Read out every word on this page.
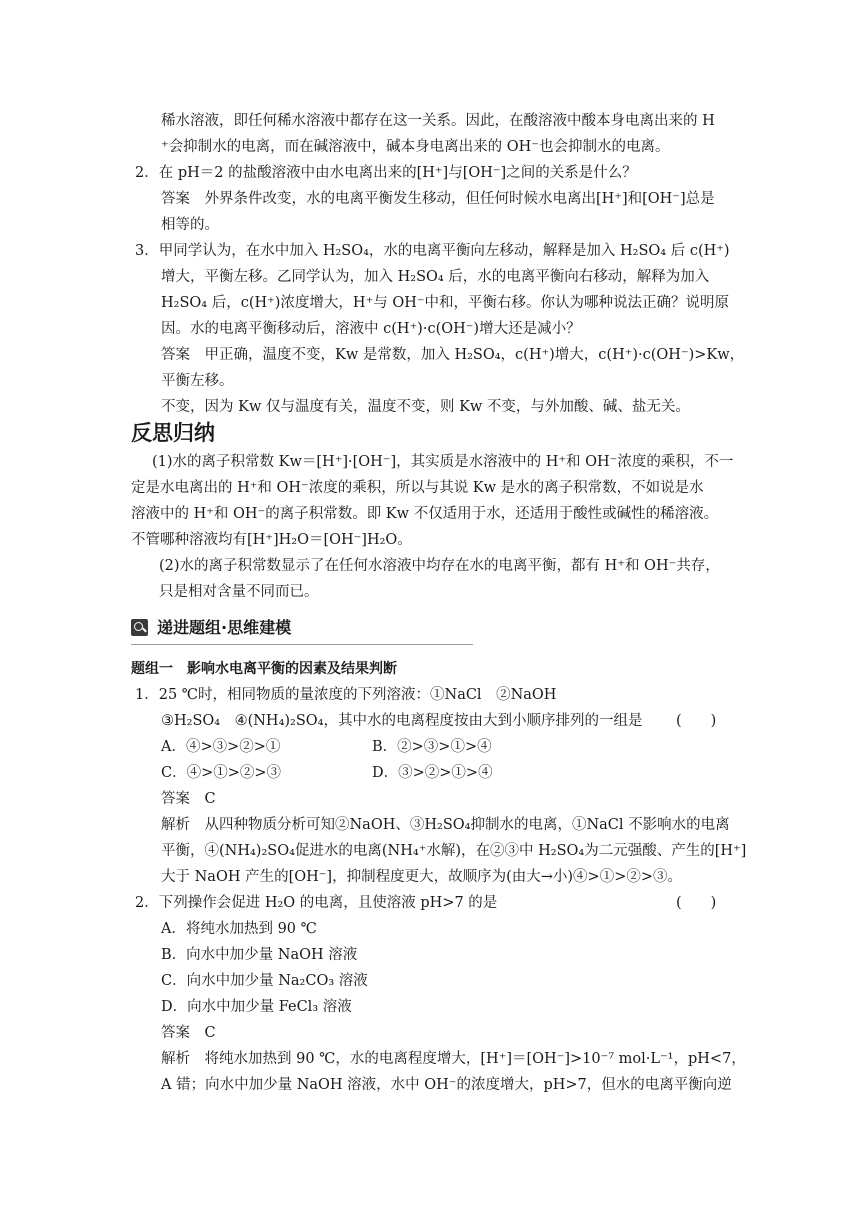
稀水溶液，即任何稀水溶液中都存在这一关系。因此，在酸溶液中酸本身电离出来的 H
⁺会抑制水的电离，而在碱溶液中，碱本身电离出来的 OH⁻也会抑制水的电离。
2．在 pH＝2 的盐酸溶液中由水电离出来的[H⁺]与[OH⁻]之间的关系是什么？
答案　外界条件改变，水的电离平衡发生移动，但任何时候水电离出[H⁺]和[OH⁻]总是
相等的。
3．甲同学认为，在水中加入 H₂SO₄，水的电离平衡向左移动，解释是加入 H₂SO₄ 后 c(H⁺)
增大，平衡左移。乙同学认为，加入 H₂SO₄ 后，水的电离平衡向右移动，解释为加入
H₂SO₄ 后，c(H⁺)浓度增大，H⁺与 OH⁻中和，平衡右移。你认为哪种说法正确？说明原
因。水的电离平衡移动后，溶液中 c(H⁺)·c(OH⁻)增大还是减小？
答案　甲正确，温度不变，Kw 是常数，加入 H₂SO₄，c(H⁺)增大，c(H⁺)·c(OH⁻)>Kw，
平衡左移。
不变，因为 Kw 仅与温度有关，温度不变，则 Kw 不变，与外加酸、碱、盐无关。
反思归纳
(1)水的离子积常数 Kw＝[H⁺]·[OH⁻]，其实质是水溶液中的 H⁺和 OH⁻浓度的乘积，不一
定是水电离出的 H⁺和 OH⁻浓度的乘积，所以与其说 Kw 是水的离子积常数，不如说是水
溶液中的 H⁺和 OH⁻的离子积常数。即 Kw 不仅适用于水，还适用于酸性或碱性的稀溶液。
不管哪种溶液均有[H⁺]H₂O＝[OH⁻]H₂O。
(2)水的离子积常数显示了在任何水溶液中均存在水的电离平衡，都有 H⁺和 OH⁻共存，
只是相对含量不同而已。
递进题组·思维建模
题组一　影响水电离平衡的因素及结果判断
1．25 ℃时，相同物质的量浓度的下列溶液：①NaCl　②NaOH
③H₂SO₄　④(NH₄)₂SO₄，其中水的电离程度按由大到小顺序排列的一组是 (　　)
A．④>③>②>①	B．②>③>①>④
C．④>①>②>③	D．③>②>①>④
答案　C
解析　从四种物质分析可知②NaOH、③H₂SO₄抑制水的电离，①NaCl 不影响水的电离
平衡，④(NH₄)₂SO₄促进水的电离(NH₄⁺水解)，在②③中 H₂SO₄为二元强酸、产生的[H⁺]
大于 NaOH 产生的[OH⁻]，抑制程度更大，故顺序为(由大→小)④>①>②>③。
2．下列操作会促进 H₂O 的电离，且使溶液 pH>7 的是	(　　)
A．将纯水加热到 90 ℃
B．向水中加少量 NaOH 溶液
C．向水中加少量 Na₂CO₃ 溶液
D．向水中加少量 FeCl₃ 溶液
答案　C
解析　将纯水加热到 90 ℃，水的电离程度增大，[H⁺]＝[OH⁻]>10⁻⁷ mol·L⁻¹，pH<7，
A 错；向水中加少量 NaOH 溶液，水中 OH⁻的浓度增大，pH>7，但水的电离平衡向逆
